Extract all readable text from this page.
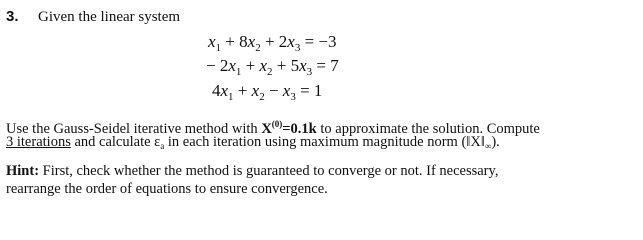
3. Given the linear system
$x_1 + 8x_2 + 2x_3 = -3$
− $2x_1 + x_2 + 5x_3 = 7$
$4x_1 + x_2 - x_3 = 1$
Use the Gauss-Seidel iterative method with $X^{(0)}=0.1k$ to approximate the solution. Compute
3 iterations and calculate $\varepsilon_a$ in each iteration using maximum magnitude norm $(‖X‖_\infty)$.
Hint: First, check whether the method is guaranteed to converge or not. If necessary,
rearrange the order of equations to ensure convergence.
